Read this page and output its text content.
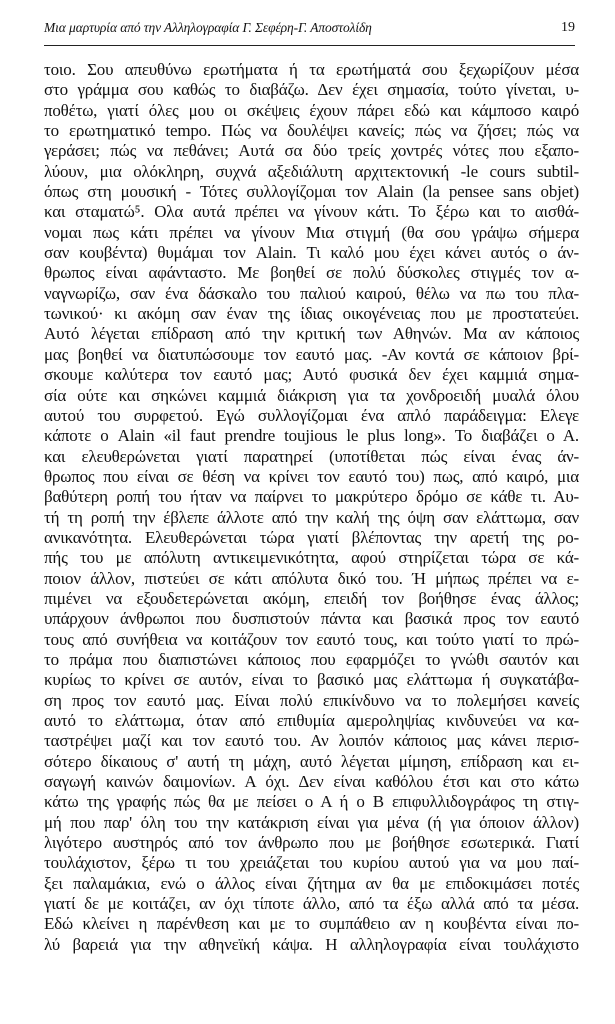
Μια μαρτυρία από την Αλληλογραφία Γ. Σεφέρη-Γ. Αποστολίδη	19
τοιο. Σου απευθύνω ερωτήματα ή τα ερωτήματά σου ξεχωρίζουν μέσα
στο γράμμα σου καθώς το διαβάζω. Δεν έχει σημασία, τούτο γίνεται, υ-
ποθέτω, γιατί όλες μου οι σκέψεις έχουν πάρει εδώ και κάμποσο καιρό
το ερωτηματικό tempo. Πώς να δουλέψει κανείς; πώς να ζήσει; πώς να
γεράσει; πώς να πεθάνει; Αυτά σα δύο τρείς χοντρές νότες που εξαπο-
λύουν, μια ολόκληρη, συχνά αξεδιάλυτη αρχιτεκτονική -le cours subtil-
όπως στη μουσική - Τότες συλλογίζομαι τον Alain (la pensee sans objet)
και σταματώ⁵. Ολα αυτά πρέπει να γίνουν κάτι. Το ξέρω και το αισθά-
νομαι πως κάτι πρέπει να γίνουν Μια στιγμή (θα σου γράψω σήμερα
σαν κουβέντα) θυμάμαι τον Alain. Τι καλό μου έχει κάνει αυτός ο άν-
θρωπος είναι αφάνταστο. Με βοηθεί σε πολύ δύσκολες στιγμές τον α-
ναγνωρίζω, σαν ένα δάσκαλο του παλιού καιρού, θέλω να πω του πλα-
τωνικού· κι ακόμη σαν έναν της ίδιας οικογένειας που με προστατεύει.
Αυτό λέγεται επίδραση από την κριτική των Αθηνών. Μα αν κάποιος
μας βοηθεί να διατυπώσουμε τον εαυτό μας. -Αν κοντά σε κάποιον βρί-
σκουμε καλύτερα τον εαυτό μας; Αυτό φυσικά δεν έχει καμμιά σημα-
σία ούτε και σηκώνει καμμιά διάκριση για τα χονδροειδή μυαλά όλου
αυτού του συρφετού. Εγώ συλλογίζομαι ένα απλό παράδειγμα: Ελεγε
κάποτε ο Alain «il faut prendre toujious le plus long». Το διαβάζει ο Α.
και ελευθερώνεται γιατί παρατηρεί (υποτίθεται πώς είναι ένας άν-
θρωπος που είναι σε θέση να κρίνει τον εαυτό του) πως, από καιρό, μια
βαθύτερη ροπή του ήταν να παίρνει το μακρύτερο δρόμο σε κάθε τι. Αυ-
τή τη ροπή την έβλεπε άλλοτε από την καλή της όψη σαν ελάττωμα, σαν
ανικανότητα. Ελευθερώνεται τώρα γιατί βλέποντας την αρετή της ρο-
πής του με απόλυτη αντικειμενικότητα, αφού στηρίζεται τώρα σε κά-
ποιον άλλον, πιστεύει σε κάτι απόλυτα δικό του. Ή μήπως πρέπει να ε-
πιμένει να εξουδετερώνεται ακόμη, επειδή τον βοήθησε ένας άλλος;
υπάρχουν άνθρωποι που δυσπιστούν πάντα και βασικά προς τον εαυτό
τους από συνήθεια να κοιτάζουν τον εαυτό τους, και τούτο γιατί το πρώ-
το πράμα που διαπιστώνει κάποιος που εφαρμόζει το γνώθι σαυτόν και
κυρίως το κρίνει σε αυτόν, είναι το βασικό μας ελάττωμα ή συγκατάβα-
ση προς τον εαυτό μας. Είναι πολύ επικίνδυνο να το πολεμήσει κανείς
αυτό το ελάττωμα, όταν από επιθυμία αμεροληψίας κινδυνεύει να κα-
ταστρέψει μαζί και τον εαυτό του. Αν λοιπόν κάποιος μας κάνει περισ-
σότερο δίκαιους σ' αυτή τη μάχη, αυτό λέγεται μίμηση, επίδραση και ει-
σαγωγή καινών δαιμονίων. Α όχι. Δεν είναι καθόλου έτσι και στο κάτω
κάτω της γραφής πώς θα με πείσει ο Α ή ο Β επιφυλλιδογράφος τη στιγ-
μή που παρ' όλη του την κατάκριση είναι για μένα (ή για όποιον άλλον)
λιγότερο αυστηρός από τον άνθρωπο που με βοήθησε εσωτερικά. Γιατί
τουλάχιστον, ξέρω τι του χρειάζεται του κυρίου αυτού για να μου παί-
ξει παλαμάκια, ενώ ο άλλος είναι ζήτημα αν θα με επιδοκιμάσει ποτές
γιατί δε με κοιτάζει, αν όχι τίποτε άλλο, από τα έξω αλλά από τα μέσα.
Εδώ κλείνει η παρένθεση και με το συμπάθειο αν η κουβέντα είναι πο-
λύ βαρειά για την αθηνεϊκή κάψα. Η αλληλογραφία είναι τουλάχιστο
